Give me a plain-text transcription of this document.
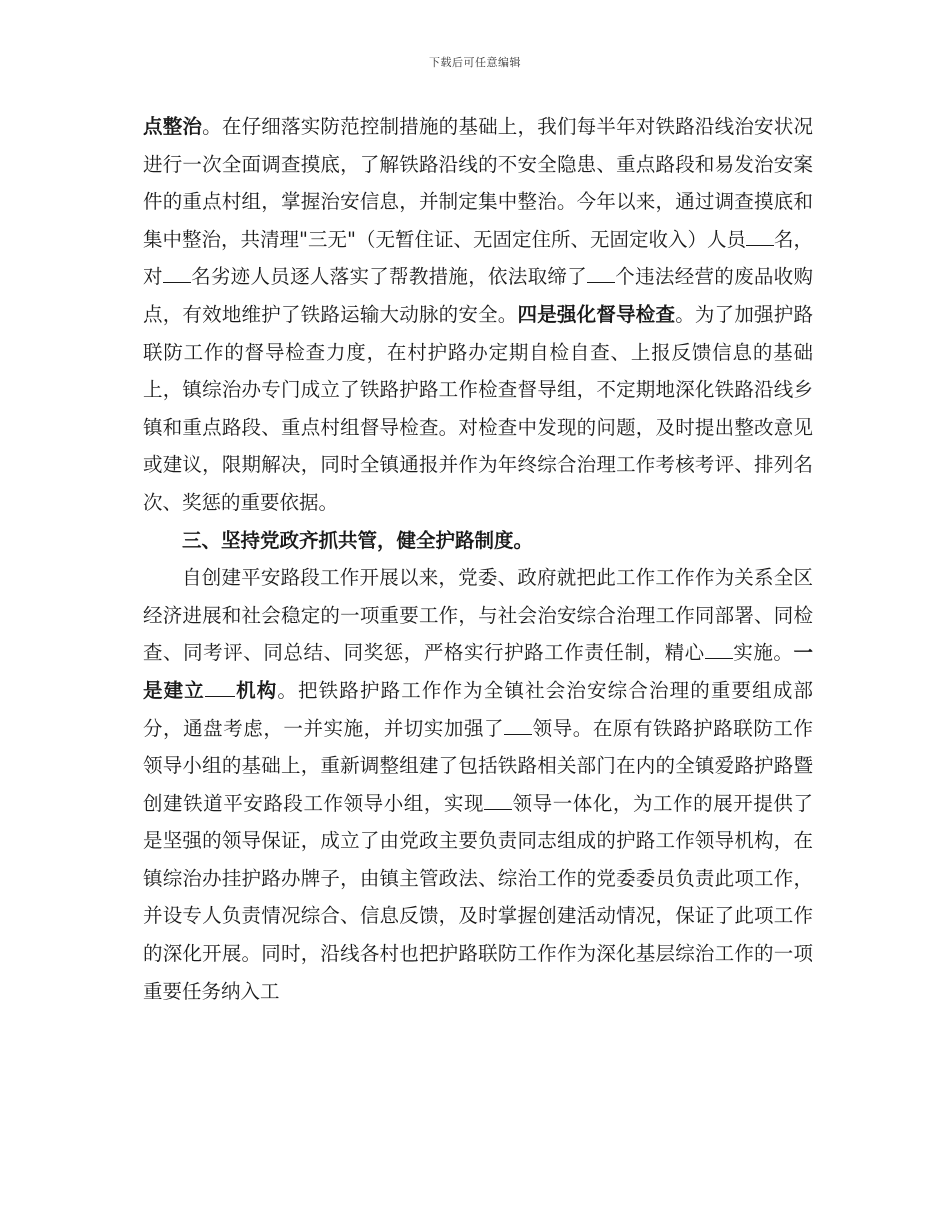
下载后可任意编辑

点整治。在仔细落实防范控制措施的基础上，我们每半年对铁路沿线治安状况进行一次全面调查摸底，了解铁路沿线的不安全隐患、重点路段和易发治安案件的重点村组，掌握治安信息，并制定集中整治。今年以来，通过调查摸底和集中整治，共清理"三无"（无暂住证、无固定住所、无固定收入）人员 名，对 名劣迹人员逐人落实了帮教措施，依法取缔了 个违法经营的废品收购点，有效地维护了铁路运输大动脉的安全。四是强化督导检查。为了加强护路联防工作的督导检查力度，在村护路办定期自检自查、上报反馈信息的基础上，镇综治办专门成立了铁路护路工作检查督导组，不定期地深化铁路沿线乡镇和重点路段、重点村组督导检查。对检查中发现的问题，及时提出整改意见或建议，限期解决，同时全镇通报并作为年终综合治理工作考核考评、排列名次、奖惩的重要依据。

三、坚持党政齐抓共管，健全护路制度。

自创建平安路段工作开展以来，党委、政府就把此工作工作作为关系全区经济进展和社会稳定的一项重要工作，与社会治安综合治理工作同部署、同检查、同考评、同总结、同奖惩，严格实行护路工作责任制，精心 实施。一是建立 机构。把铁路护路工作作为全镇社会治安综合治理的重要组成部分，通盘考虑，一并实施，并切实加强了 领导。在原有铁路护路联防工作领导小组的基础上，重新调整组建了包括铁路相关部门在内的全镇爱路护路暨创建铁道平安路段工作领导小组，实现 领导一体化，为工作的展开提供了是坚强的领导保证，成立了由党政主要负责同志组成的护路工作领导机构，在镇综治办挂护路办牌子，由镇主管政法、综治工作的党委委员负责此项工作，并设专人负责情况综合、信息反馈，及时掌握创建活动情况，保证了此项工作的深化开展。同时，沿线各村也把护路联防工作作为深化基层综治工作的一项重要任务纳入工
